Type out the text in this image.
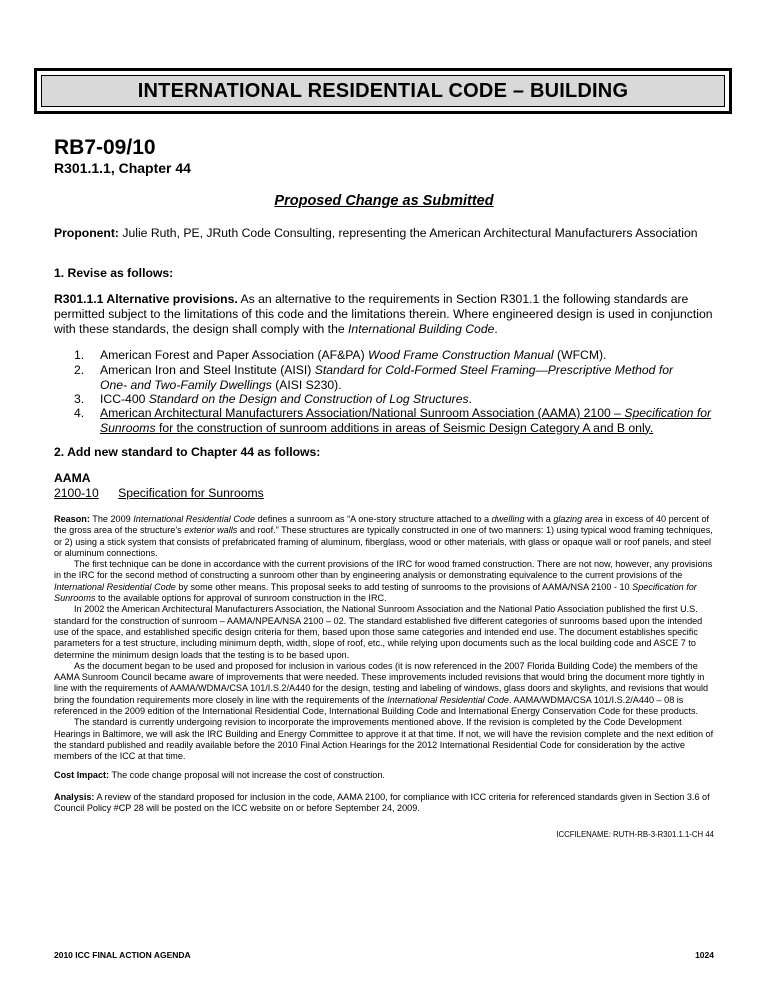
INTERNATIONAL RESIDENTIAL CODE – BUILDING
RB7-09/10
R301.1.1, Chapter 44
Proposed Change as Submitted
Proponent: Julie Ruth, PE, JRuth Code Consulting, representing the American Architectural Manufacturers Association
1. Revise as follows:
R301.1.1 Alternative provisions. As an alternative to the requirements in Section R301.1 the following standards are permitted subject to the limitations of this code and the limitations therein. Where engineered design is used in conjunction with these standards, the design shall comply with the International Building Code.
1.	American Forest and Paper Association (AF&PA) Wood Frame Construction Manual (WFCM).
2.	American Iron and Steel Institute (AISI) Standard for Cold-Formed Steel Framing—Prescriptive Method for One- and Two-Family Dwellings (AISI S230).
3.	ICC-400 Standard on the Design and Construction of Log Structures.
4.	American Architectural Manufacturers Association/National Sunroom Association (AAMA) 2100 – Specification for Sunrooms for the construction of sunroom additions in areas of Seismic Design Category A and B only.
2. Add new standard to Chapter 44 as follows:
AAMA
2100-10 Specification for Sunrooms
Reason: The 2009 International Residential Code defines a sunroom as “A one-story structure attached to a dwelling with a glazing area in excess of 40 percent of the gross area of the structure’s exterior walls and roof.” These structures are typically constructed in one of two manners: 1) using typical wood framing techniques, or 2) using a stick system that consists of prefabricated framing of aluminum, fiberglass, wood or other materials, with glass or opaque wall or roof panels, and steel or aluminum connections.
The first technique can be done in accordance with the current provisions of the IRC for wood framed construction. There are not now, however, any provisions in the IRC for the second method of constructing a sunroom other than by engineering analysis or demonstrating equivalence to the current provisions of the International Residential Code by some other means. This proposal seeks to add testing of sunrooms to the provisions of AAMA/NSA 2100 - 10 Specification for Sunrooms to the available options for approval of sunroom construction in the IRC.
In 2002 the American Architectural Manufacturers Association, the National Sunroom Association and the National Patio Association published the first U.S. standard for the construction of sunroom – AAMA/NPEA/NSA 2100 – 02. The standard established five different categories of sunrooms based upon the intended use of the space, and established specific design criteria for them, based upon those same categories and intended end use. The document establishes specific parameters for a test structure, including minimum depth, width, slope of roof, etc., while relying upon documents such as the local building code and ASCE 7 to determine the minimum design loads that the testing is to be based upon.
As the document began to be used and proposed for inclusion in various codes (it is now referenced in the 2007 Florida Building Code) the members of the AAMA Sunroom Council became aware of improvements that were needed. These improvements included revisions that would bring the document more tightly in line with the requirements of AAMA/WDMA/CSA 101/I.S.2/A440 for the design, testing and labeling of windows, glass doors and skylights, and revisions that would bring the foundation requirements more closely in line with the requirements of the International Residential Code. AAMA/WDMA/CSA 101/I.S.2/A440 – 08 is referenced in the 2009 edition of the International Residential Code, International Building Code and International Energy Conservation Code for these products.
The standard is currently undergoing revision to incorporate the improvements mentioned above. If the revision is completed by the Code Development Hearings in Baltimore, we will ask the IRC Building and Energy Committee to approve it at that time. If not, we will have the revision complete and the next edition of the standard published and readily available before the 2010 Final Action Hearings for the 2012 International Residential Code for consideration by the active members of the ICC at that time.
Cost Impact: The code change proposal will not increase the cost of construction.
Analysis: A review of the standard proposed for inclusion in the code, AAMA 2100, for compliance with ICC criteria for referenced standards given in Section 3.6 of Council Policy #CP 28 will be posted on the ICC website on or before September 24, 2009.
ICCFILENAME: RUTH-RB-3-R301.1.1-CH 44
2010 ICC FINAL ACTION AGENDA	1024
